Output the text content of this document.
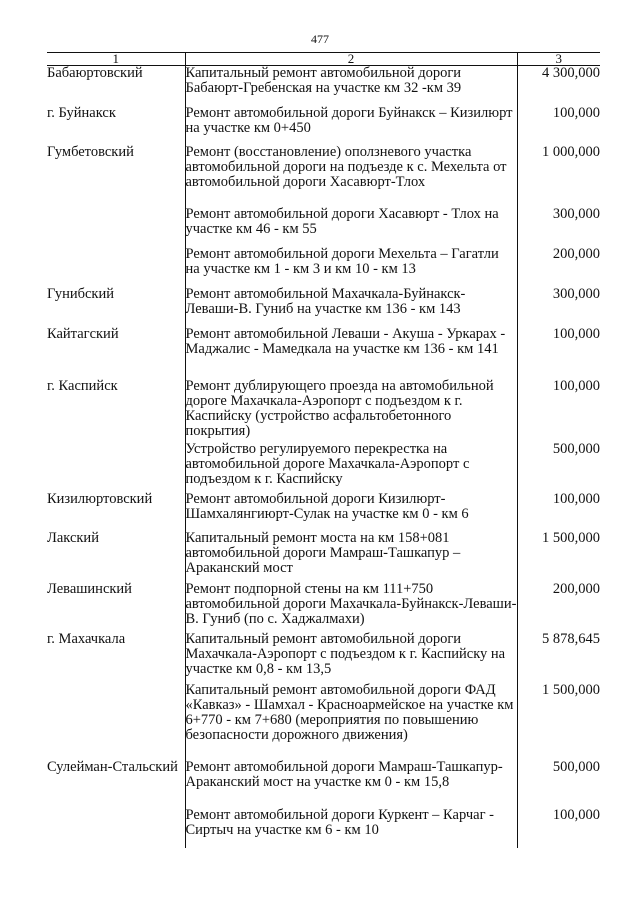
477
1	2	3
Бабаюртовский	Капитальный ремонт автомобильной дороги Бабаюрт-Гребенская на участке км 32 -км 39	4 300,000
г. Буйнакск	Ремонт автомобильной дороги Буйнакск – Кизилюрт на участке км 0+450	100,000
Гумбетовский	Ремонт (восстановление) оползневого участка автомобильной дороги на подъезде к с. Мехельта от автомобильной дороги Хасавюрт-Тлох	1 000,000
	Ремонт автомобильной дороги Хасавюрт - Тлох на участке км 46 - км 55	300,000
	Ремонт автомобильной дороги Мехельта – Гагатли на участке км 1 - км 3 и км 10 - км 13	200,000
Гунибский	Ремонт автомобильной Махачкала-Буйнакск-Леваши-В. Гуниб на участке км 136 - км 143	300,000
Кайтагский	Ремонт автомобильной Леваши - Акуша - Уркарах - Маджалис - Мамедкала на участке км 136 - км 141	100,000
г. Каспийск	Ремонт дублирующего проезда на автомобильной дороге Махачкала-Аэропорт с подъездом к г. Каспийску (устройство асфальтобетонного покрытия)	100,000
	Устройство регулируемого перекрестка на автомобильной дороге Махачкала-Аэропорт с подъездом к г. Каспийску	500,000
Кизилюртовский	Ремонт автомобильной дороги Кизилюрт-Шамхалянгиюрт-Сулак на участке км 0 - км 6	100,000
Лакский	Капитальный ремонт моста на км 158+081 автомобильной дороги Мамраш-Ташкапур – Араканский мост	1 500,000
Левашинский	Ремонт подпорной стены на км 111+750 автомобильной дороги Махачкала-Буйнакск-Леваши-В. Гуниб (по с. Хаджалмахи)	200,000
г. Махачкала	Капитальный ремонт автомобильной дороги Махачкала-Аэропорт с подъездом к г. Каспийску на участке км 0,8 - км 13,5	5 878,645
	Капитальный ремонт автомобильной дороги ФАД «Кавказ» - Шамхал - Красноармейское на участке км 6+770 - км 7+680 (мероприятия по повышению безопасности дорожного движения)	1 500,000
Сулейман-Стальский	Ремонт автомобильной дороги Мамраш-Ташкапур-Араканский мост на участке км 0 - км 15,8	500,000
	Ремонт автомобильной дороги Куркент – Карчаг - Сиртыч на участке км 6 - км 10	100,000
